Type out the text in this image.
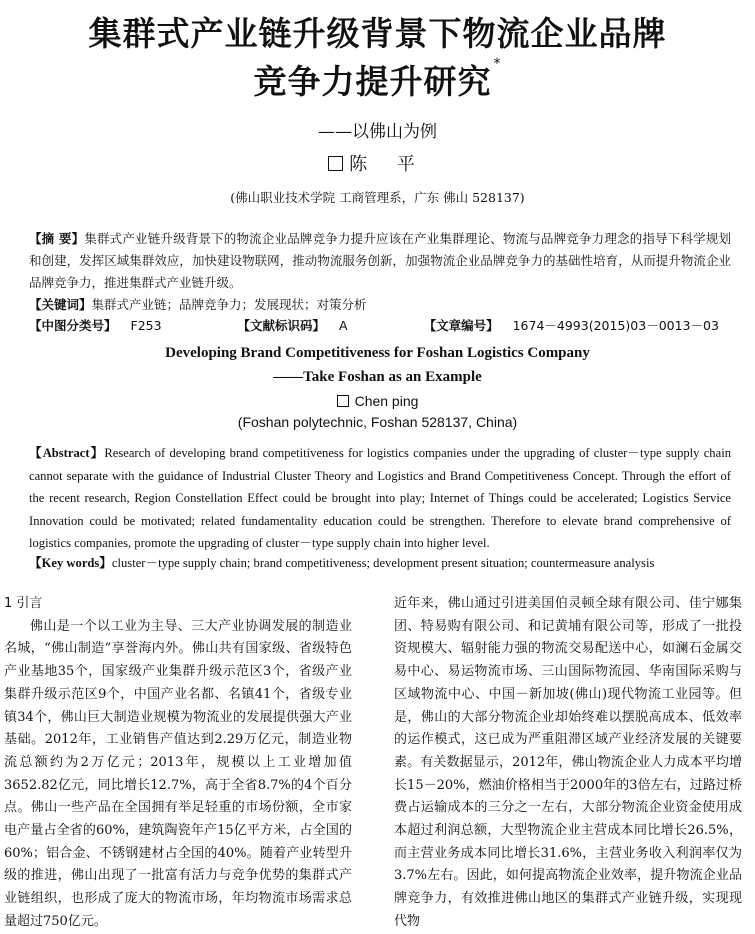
集群式产业链升级背景下物流企业品牌
竞争力提升研究 *
——以佛山为例
陈 平
(佛山职业技术学院 工商管理系，广东 佛山 528137)
【摘 要】集群式产业链升级背景下的物流企业品牌竞争力提升应该在产业集群理论、物流与品牌竞争力理念的指导下科学规划和创建，发挥区域集群效应，加快建设物联网，推动物流服务创新，加强物流企业品牌竞争力的基础性培育，从而提升物流企业品牌竞争力，推进集群式产业链升级。
【关键词】集群式产业链；品牌竞争力；发展现状；对策分析
【中图分类号】 F253	【文献标识码】 A	【文章编号】 1674－4993(2015)03－0013－03
Developing Brand Competitiveness for Foshan Logistics Company
——Take Foshan as an Example
Chen ping
(Foshan polytechnic, Foshan 528137, China)
【Abstract】Research of developing brand competitiveness for logistics companies under the upgrading of cluster－type supply chain cannot separate with the guidance of Industrial Cluster Theory and Logistics and Brand Competitiveness Concept. Through the effort of the recent research, Region Constellation Effect could be brought into play; Internet of Things could be accelerated; Logistics Service Innovation could be motivated; related fundamentality education could be strengthen. Therefore to elevate brand comprehensive of logistics companies, promote the upgrading of cluster－type supply chain into higher level.
【Key words】cluster－type supply chain; brand competitiveness; development present situation; countermeasure analysis

1 引言

佛山是一个以工业为主导、三大产业协调发展的制造业名城，“佛山制造”享誉海内外。佛山共有国家级、省级特色产业基地35个，国家级产业集群升级示范区3个，省级产业集群升级示范区9个，中国产业名都、名镇41个，省级专业镇34个，佛山巨大制造业规模为物流业的发展提供强大产业基础。2012年，工业销售产值达到2.29万亿元，制造业物流总额约为2万亿元；2013年，规模以上工业增加值3652.82亿元，同比增长12.7%，高于全省8.7%的4个百分点。佛山一些产品在全国拥有举足轻重的市场份额，全市家电产量占全省的60%，建筑陶瓷年产15亿平方米，占全国的60%；铝合金、不锈钢建材占全国的40%。随着产业转型升级的推进，佛山出现了一批富有活力与竞争优势的集群式产业链组织，也形成了庞大的物流市场，年均物流市场需求总量超过750亿元。

近年来，佛山通过引进美国伯灵顿全球有限公司、佳宁娜集团、特易购有限公司、和记黄埔有限公司等，形成了一批投资规模大、辐射能力强的物流交易配送中心，如澜石金属交易中心、易运物流市场、三山国际物流园、华南国际采购与区域物流中心、中国－新加坡(佛山)现代物流工业园等。但是，佛山的大部分物流企业却始终难以摆脱高成本、低效率的运作模式，这已成为严重阻滞区域产业经济发展的关键要素。有关数据显示，2012年，佛山物流企业人力成本平均增长15－20%，燃油价格相当于2000年的3倍左右，过路过桥费占运输成本的三分之一左右，大部分物流企业资金使用成本超过利润总额，大型物流企业主营成本同比增长26.5%，而主营业务成本同比增长31.6%，主营业务收入利润率仅为3.7%左右。因此，如何提高物流企业效率，提升物流企业品牌竞争力，有效推进佛山地区的集群式产业链升级，实现现代物
